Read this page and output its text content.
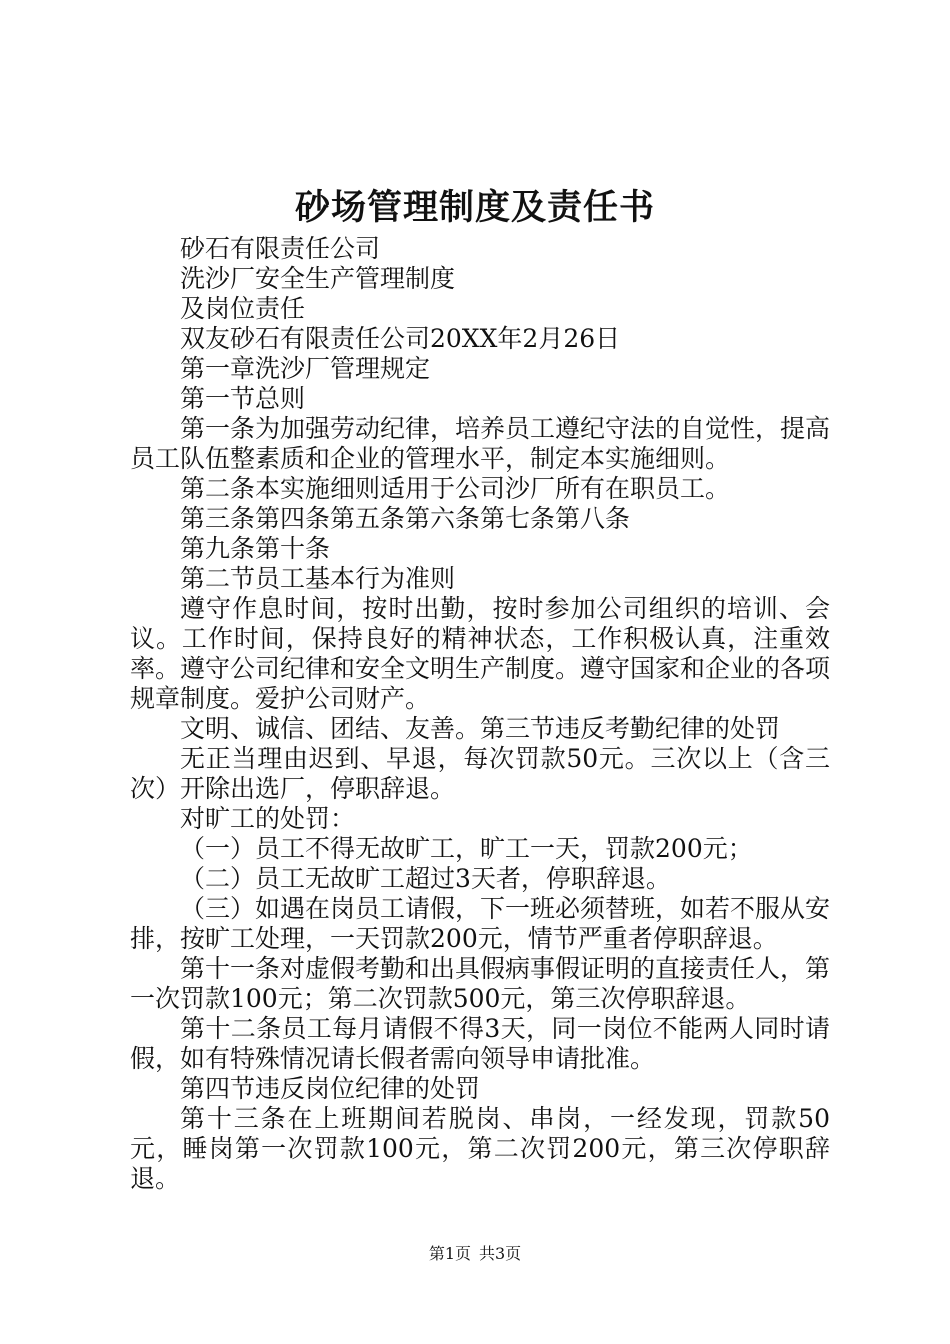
砂场管理制度及责任书

砂石有限责任公司

洗沙厂安全生产管理制度

及岗位责任

双友砂石有限责任公司20XX年2月26日

第一章洗沙厂管理规定

第一节总则

第一条为加强劳动纪律，培养员工遵纪守法的自觉性，提高员工队伍整素质和企业的管理水平，制定本实施细则。

第二条本实施细则适用于公司沙厂所有在职员工。

第三条第四条第五条第六条第七条第八条

第九条第十条

第二节员工基本行为准则

遵守作息时间，按时出勤，按时参加公司组织的培训、会议。工作时间，保持良好的精神状态，工作积极认真，注重效率。遵守公司纪律和安全文明生产制度。遵守国家和企业的各项规章制度。爱护公司财产。

文明、诚信、团结、友善。第三节违反考勤纪律的处罚

无正当理由迟到、早退，每次罚款50元。三次以上（含三次）开除出选厂，停职辞退。

对旷工的处罚：

（一）员工不得无故旷工，旷工一天，罚款200元；

（二）员工无故旷工超过3天者，停职辞退。

（三）如遇在岗员工请假，下一班必须替班，如若不服从安排，按旷工处理，一天罚款200元，情节严重者停职辞退。

第十一条对虚假考勤和出具假病事假证明的直接责任人，第一次罚款100元；第二次罚款500元，第三次停职辞退。

第十二条员工每月请假不得3天，同一岗位不能两人同时请假，如有特殊情况请长假者需向领导申请批准。

第四节违反岗位纪律的处罚

第十三条在上班期间若脱岗、串岗，一经发现，罚款50元，睡岗第一次罚款100元，第二次罚200元，第三次停职辞退。

第1页 共3页
